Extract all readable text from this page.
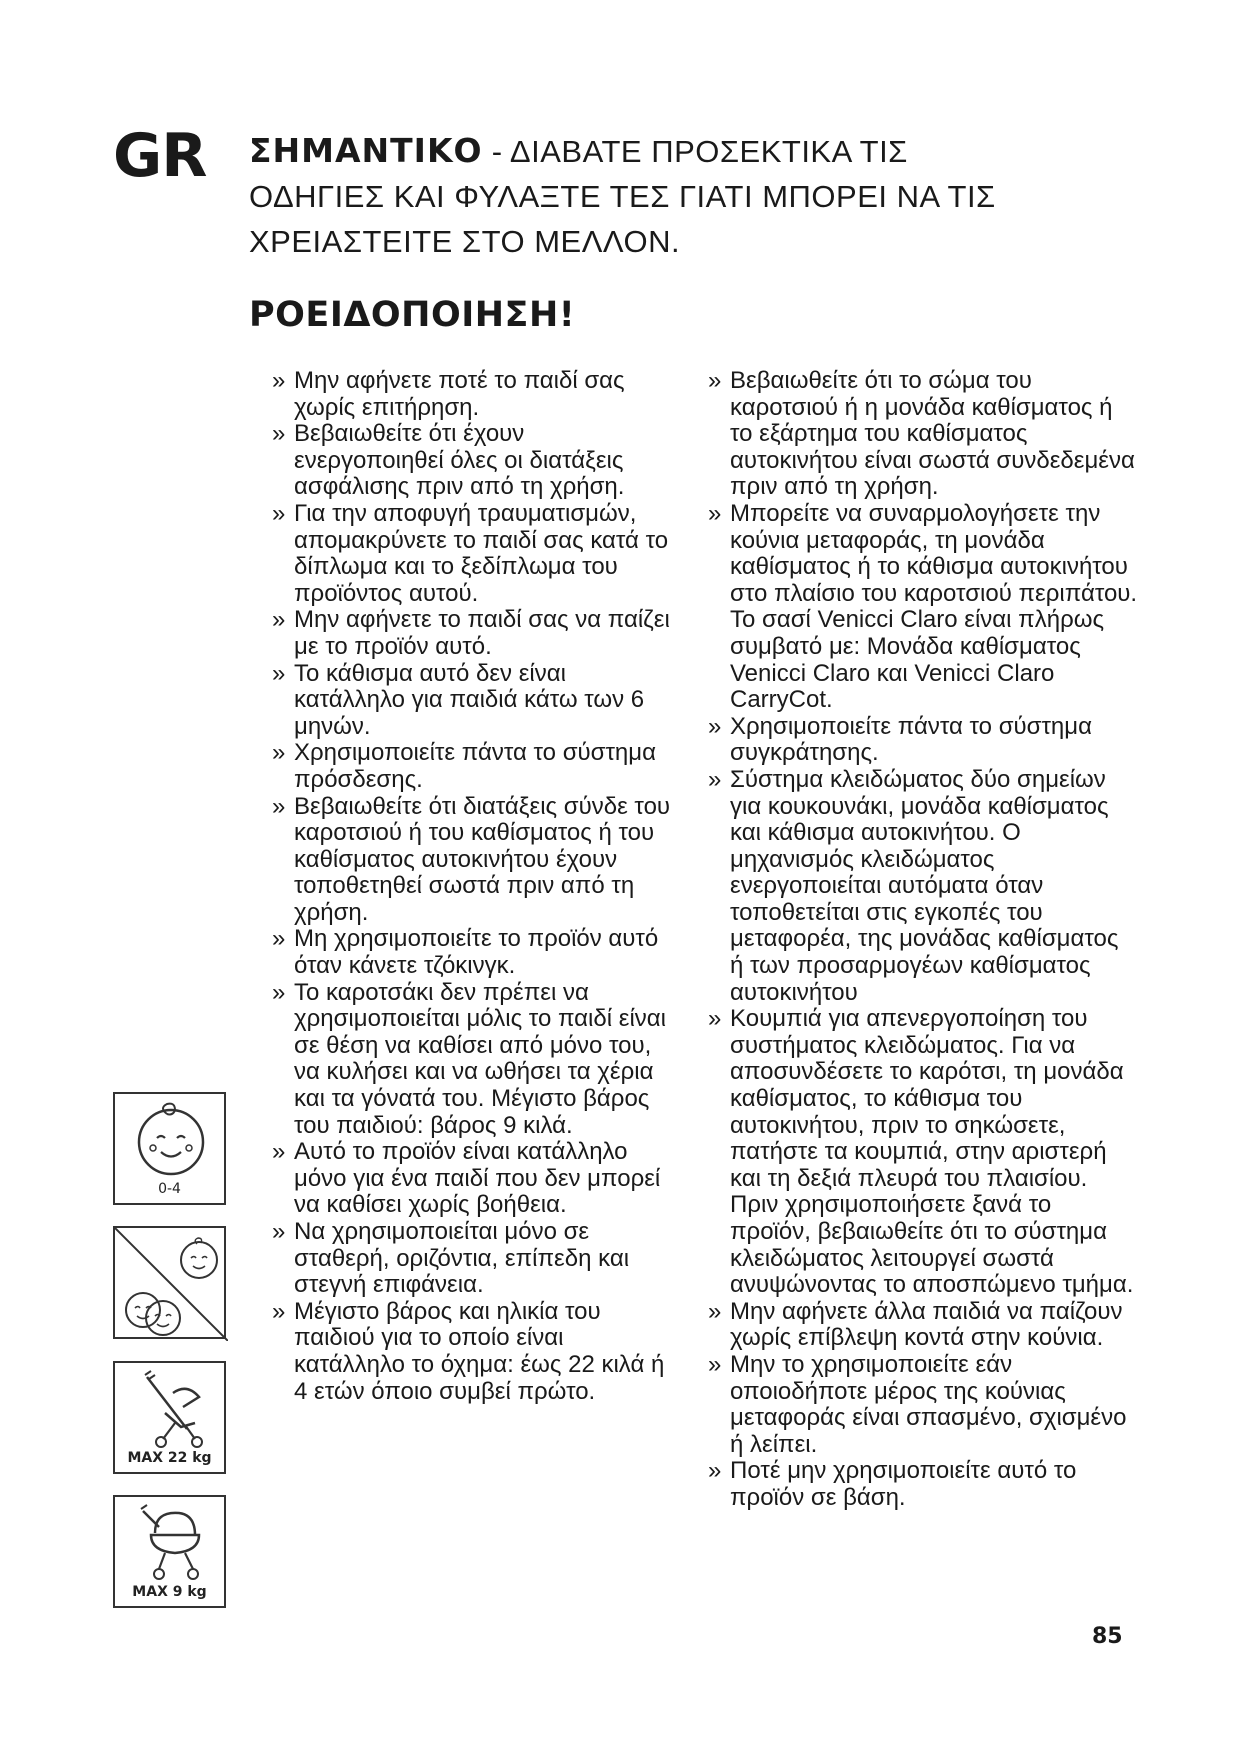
GR ΣΗΜΑΝΤΙΚΟ - ΔΙΑΒΑΤΕ ΠΡΟΣΕΚΤΙΚΑ ΤΙΣ
ΟΔΗΓΙΕΣ ΚΑΙ ΦΥΛΑΞΤΕ ΤΕΣ ΓΙΑΤΙ ΜΠΟΡΕΙ ΝΑ ΤΙΣ
ΧΡΕΙΑΣΤΕΙΤΕ ΣΤΟ ΜΕΛΛΟΝ.
ΡΟΕΙΔΟΠΟΙΗΣΗ!
» Μην αφήνετε ποτέ το παιδί σας χωρίς επιτήρηση.
» Βεβαιωθείτε ότι έχουν ενεργοποιηθεί όλες οι διατάξεις ασφάλισης πριν από τη χρήση.
» Για την αποφυγή τραυματισμών, απομακρύνετε το παιδί σας κατά το δίπλωμα και το ξεδίπλωμα του προϊόντος αυτού.
» Μην αφήνετε το παιδί σας να παίζει με το προϊόν αυτό.
» Το κάθισμα αυτό δεν είναι κατάλληλο για παιδιά κάτω των 6 μηνών.
» Χρησιμοποιείτε πάντα το σύστημα πρόσδεσης.
» Βεβαιωθείτε ότι διατάξεις σύνδε του καροτσιού ή του καθίσματος ή του καθίσματος αυτοκινήτου έχουν τοποθετηθεί σωστά πριν από τη χρήση.
» Μη χρησιμοποιείτε το προϊόν αυτό όταν κάνετε τζόκινγκ.
» Το καροτσάκι δεν πρέπει να χρησιμοποιείται μόλις το παιδί είναι σε θέση να καθίσει από μόνο του, να κυλήσει και να ωθήσει τα χέρια και τα γόνατά του. Μέγιστο βάρος του παιδιού: βάρος 9 κιλά.
» Αυτό το προϊόν είναι κατάλληλο μόνο για ένα παιδί που δεν μπορεί να καθίσει χωρίς βοήθεια.
» Να χρησιμοποιείται μόνο σε σταθερή, οριζόντια, επίπεδη και στεγνή επιφάνεια.
» Μέγιστο βάρος και ηλικία του παιδιού για το οποίο είναι κατάλληλο το όχημα: έως 22 κιλά ή 4 ετών όποιο συμβεί πρώτο.
» Βεβαιωθείτε ότι το σώμα του καροτσιού ή η μονάδα καθίσματος ή το εξάρτημα του καθίσματος αυτοκινήτου είναι σωστά συνδεδεμένα πριν από τη χρήση.
» Μπορείτε να συναρμολογήσετε την κούνια μεταφοράς, τη μονάδα καθίσματος ή το κάθισμα αυτοκινήτου στο πλαίσιο του καροτσιού περιπάτου. Το σασί Venicci Claro είναι πλήρως συμβατό με: Μονάδα καθίσματος Venicci Claro και Venicci Claro CarryCot.
» Χρησιμοποιείτε πάντα το σύστημα συγκράτησης.
» Σύστημα κλειδώματος δύο σημείων για κουκουνάκι, μονάδα καθίσματος και κάθισμα αυτοκινήτου. Ο μηχανισμός κλειδώματος ενεργοποιείται αυτόματα όταν τοποθετείται στις εγκοπές του μεταφορέα, της μονάδας καθίσματος ή των προσαρμογέων καθίσματος αυτοκινήτου
» Κουμπιά για απενεργοποίηση του συστήματος κλειδώματος. Για να αποσυνδέσετε το καρότσι, τη μονάδα καθίσματος, το κάθισμα του αυτοκινήτου, πριν το σηκώσετε, πατήστε τα κουμπιά, στην αριστερή και τη δεξιά πλευρά του πλαισίου. Πριν χρησιμοποιήσετε ξανά το προϊόν, βεβαιωθείτε ότι το σύστημα κλειδώματος λειτουργεί σωστά ανυψώνοντας το αποσπώμενο τμήμα.
» Μην αφήνετε άλλα παιδιά να παίζουν χωρίς επίβλεψη κοντά στην κούνια.
» Μην το χρησιμοποιείτε εάν οποιοδήποτε μέρος της κούνιας μεταφοράς είναι σπασμένο, σχισμένο ή λείπει.
» Ποτέ μην χρησιμοποιείτε αυτό το προϊόν σε βάση.
0-4
MAX 22 kg
MAX 9 kg
85
